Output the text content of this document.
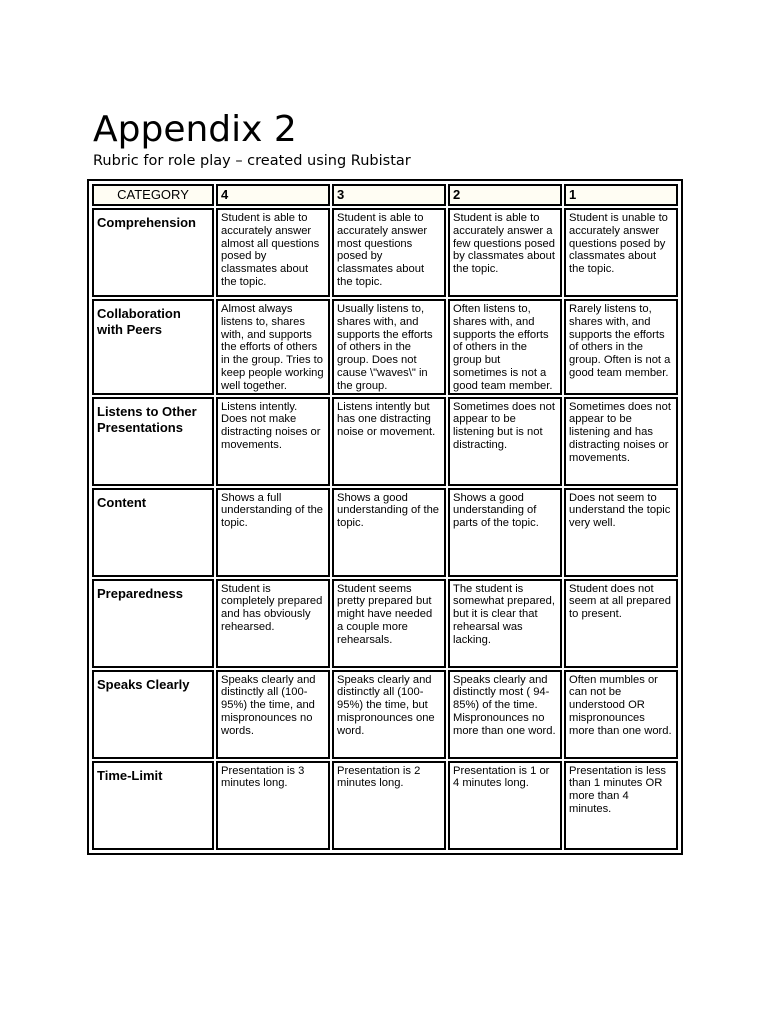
Appendix 2
Rubric for role play – created using Rubistar
CATEGORY	4	3	2	1
Comprehension	Student is able to accurately answer almost all questions posed by classmates about the topic.	Student is able to accurately answer most questions posed by classmates about the topic.	Student is able to accurately answer a few questions posed by classmates about the topic.	Student is unable to accurately answer questions posed by classmates about the topic.
Collaboration with Peers	Almost always listens to, shares with, and supports the efforts of others in the group. Tries to keep people working well together.	Usually listens to, shares with, and supports the efforts of others in the group. Does not cause \"waves\" in the group.	Often listens to, shares with, and supports the efforts of others in the group but sometimes is not a good team member.	Rarely listens to, shares with, and supports the efforts of others in the group. Often is not a good team member.
Listens to Other Presentations	Listens intently. Does not make distracting noises or movements.	Listens intently but has one distracting noise or movement.	Sometimes does not appear to be listening but is not distracting.	Sometimes does not appear to be listening and has distracting noises or movements.
Content	Shows a full understanding of the topic.	Shows a good understanding of the topic.	Shows a good understanding of parts of the topic.	Does not seem to understand the topic very well.
Preparedness	Student is completely prepared and has obviously rehearsed.	Student seems pretty prepared but might have needed a couple more rehearsals.	The student is somewhat prepared, but it is clear that rehearsal was lacking.	Student does not seem at all prepared to present.
Speaks Clearly	Speaks clearly and distinctly all (100-95%) the time, and mispronounces no words.	Speaks clearly and distinctly all (100-95%) the time, but mispronounces one word.	Speaks clearly and distinctly most ( 94-85%) of the time. Mispronounces no more than one word.	Often mumbles or can not be understood OR mispronounces more than one word.
Time-Limit	Presentation is 3 minutes long.	Presentation is 2 minutes long.	Presentation is 1 or 4 minutes long.	Presentation is less than 1 minutes OR more than 4 minutes.
